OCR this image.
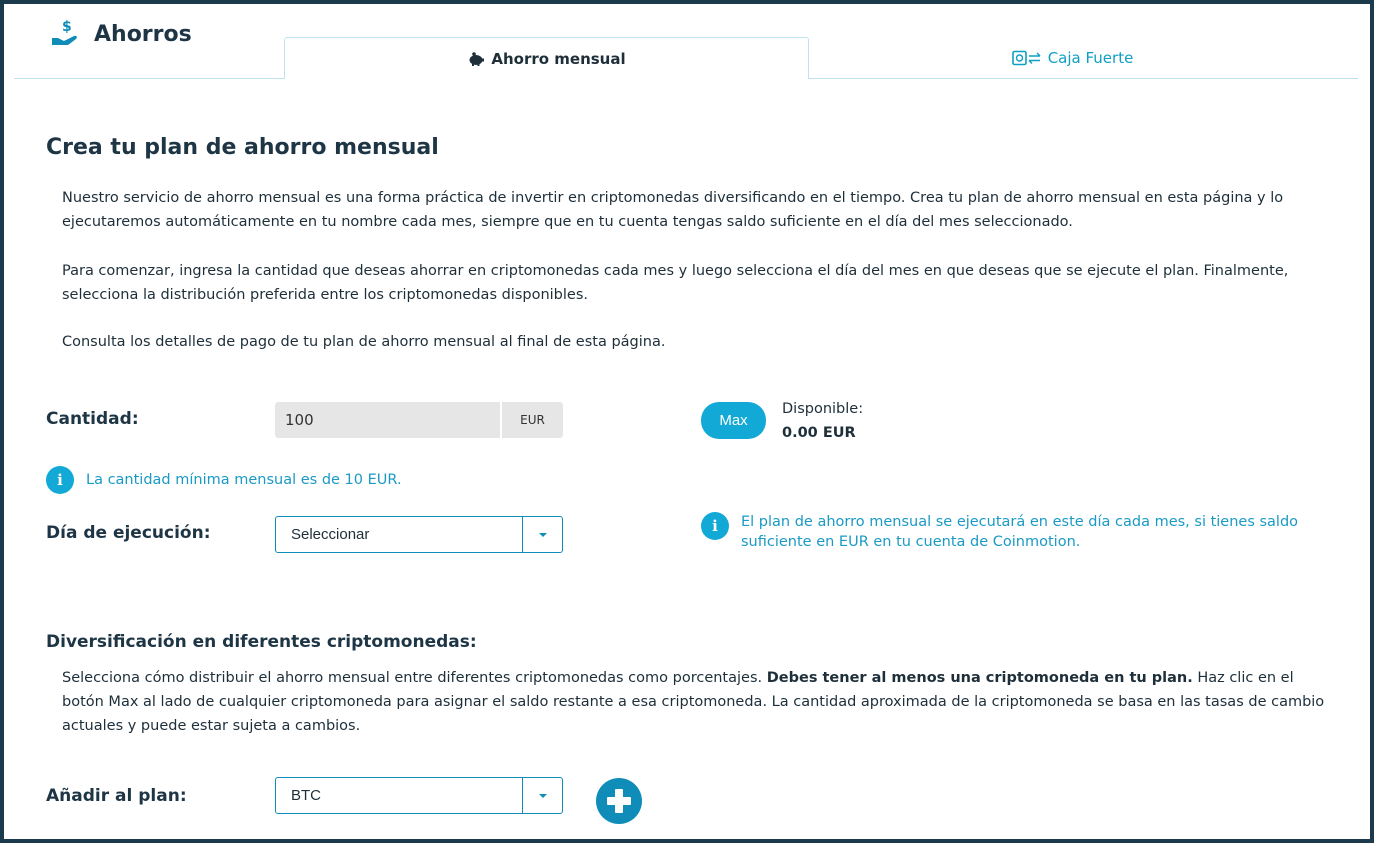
$ Ahorros
Ahorro mensual	Caja Fuerte
Crea tu plan de ahorro mensual

Nuestro servicio de ahorro mensual es una forma práctica de invertir en criptomonedas diversificando en el tiempo. Crea tu plan de ahorro mensual en esta página y lo ejecutaremos automáticamente en tu nombre cada mes, siempre que en tu cuenta tengas saldo suficiente en el día del mes seleccionado.

Para comenzar, ingresa la cantidad que deseas ahorrar en criptomonedas cada mes y luego selecciona el día del mes en que deseas que se ejecute el plan. Finalmente, selecciona la distribución preferida entre los criptomonedas disponibles.

Consulta los detalles de pago de tu plan de ahorro mensual al final de esta página.

Cantidad:
100	EUR	Max
Disponible:
0.00 EUR
i	La cantidad mínima mensual es de 10 EUR.
Día de ejecución:	Seleccionar	i	El plan de ahorro mensual se ejecutará en este día cada mes, si tienes saldo suficiente en EUR en tu cuenta de Coinmotion.
Diversificación en diferentes criptomonedas:

Selecciona cómo distribuir el ahorro mensual entre diferentes criptomonedas como porcentajes. Debes tener al menos una criptomoneda en tu plan. Haz clic en el botón Max al lado de cualquier criptomoneda para asignar el saldo restante a esa criptomoneda. La cantidad aproximada de la criptomoneda se basa en las tasas de cambio actuales y puede estar sujeta a cambios.

Añadir al plan:	BTC
